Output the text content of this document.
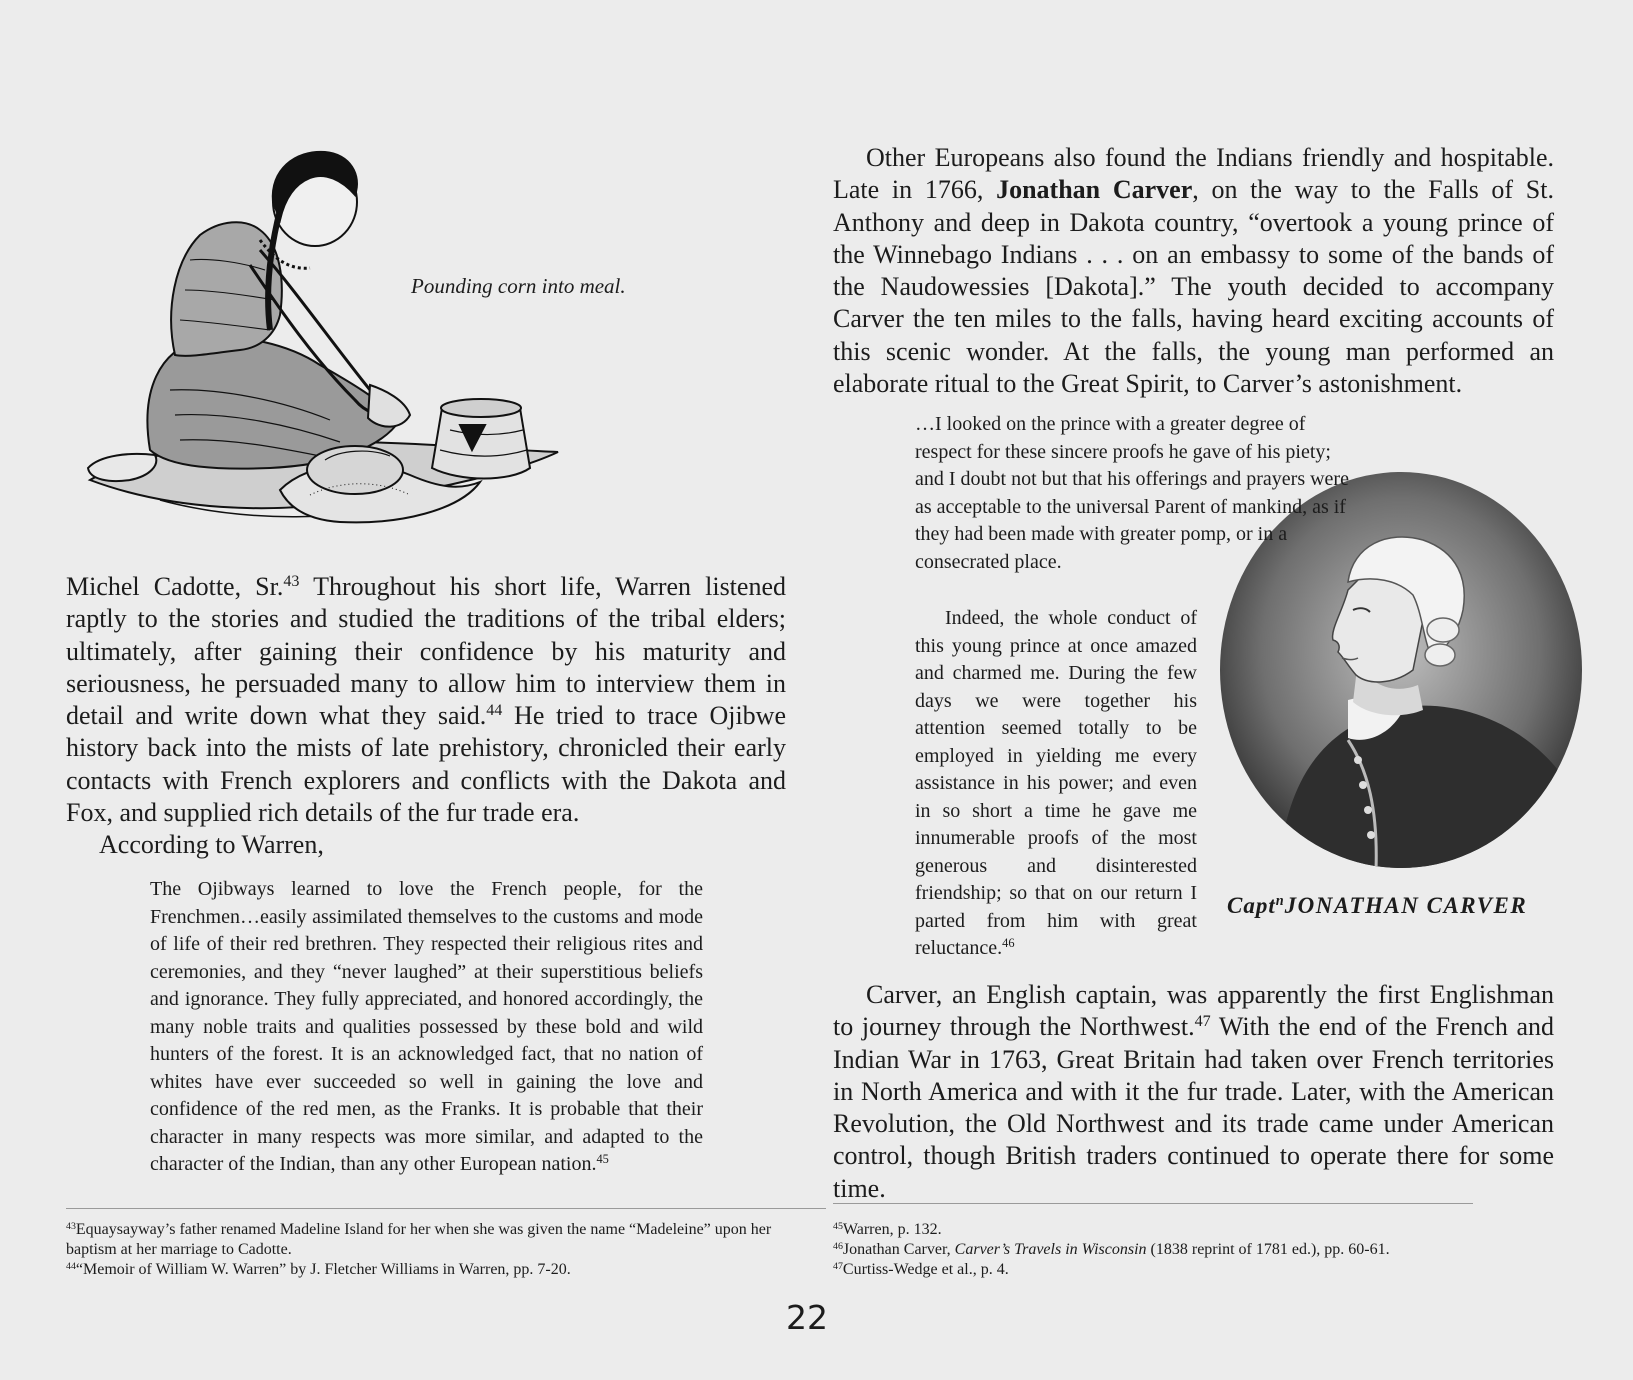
Pounding corn into meal.

Michel Cadotte, Sr.$^{43}$ Throughout his short life, Warren listened raptly to the stories and studied the traditions of the tribal elders; ultimately, after gaining their confidence by his maturity and seriousness, he persuaded many to allow him to interview them in detail and write down what they said.$^{44}$ He tried to trace Ojibwe history back into the mists of late prehistory, chronicled their early contacts with French explorers and conflicts with the Dakota and Fox, and supplied rich details of the fur trade era.

According to Warren,

The Ojibways learned to love the French people, for the Frenchmen…easily assimilated themselves to the customs and mode of life of their red brethren. They respected their religious rites and ceremonies, and they “never laughed” at their superstitious beliefs and ignorance. They fully appreciated, and honored accordingly, the many noble traits and qualities possessed by these bold and wild hunters of the forest. It is an acknowledged fact, that no nation of whites have ever succeeded so well in gaining the love and confidence of the red men, as the Franks. It is probable that their character in many respects was more similar, and adapted to the character of the Indian, than any other European nation.$^{45}$

Other Europeans also found the Indians friendly and hospitable. Late in 1766, Jonathan Carver, on the way to the Falls of St. Anthony and deep in Dakota country, “overtook a young prince of the Winnebago Indians . . . on an embassy to some of the bands of the Naudowessies [Dakota].” The youth decided to accompany Carver the ten miles to the falls, having heard exciting accounts of this scenic wonder. At the falls, the young man performed an elaborate ritual to the Great Spirit, to Carver’s astonishment.

…I looked on the prince with a greater degree of respect for these sincere proofs he gave of his piety; and I doubt not but that his offerings and prayers were as acceptable to the universal Parent of mankind, as if they had been made with greater pomp, or in a consecrated place.

Indeed, the whole conduct of this young prince at once amazed and charmed me. During the few days we were together his attention seemed totally to be employed in yielding me every assistance in his power; and even in so short a time he gave me innumerable proofs of the most generous and disinterested friendship; so that on our return I parted from him with great reluctance.$^{46}$

Capt$^n$JONATHAN CARVER

Carver, an English captain, was apparently the first Englishman to journey through the Northwest.$^{47}$ With the end of the French and Indian War in 1763, Great Britain had taken over French territories in North America and with it the fur trade. Later, with the American Revolution, the Old Northwest and its trade came under American control, though British traders continued to operate there for some time.

$^{43}$Equaysayway’s father renamed Madeline Island for her when she was given the name “Madeleine” upon her baptism at her marriage to Cadotte.

$^{44}$“Memoir of William W. Warren” by J. Fletcher Williams in Warren, pp. 7-20.

$^{45}$Warren, p. 132.

$^{46}$Jonathan Carver, Carver’s Travels in Wisconsin (1838 reprint of 1781 ed.), pp. 60-61.

$^{47}$Curtiss-Wedge et al., p. 4.

22
